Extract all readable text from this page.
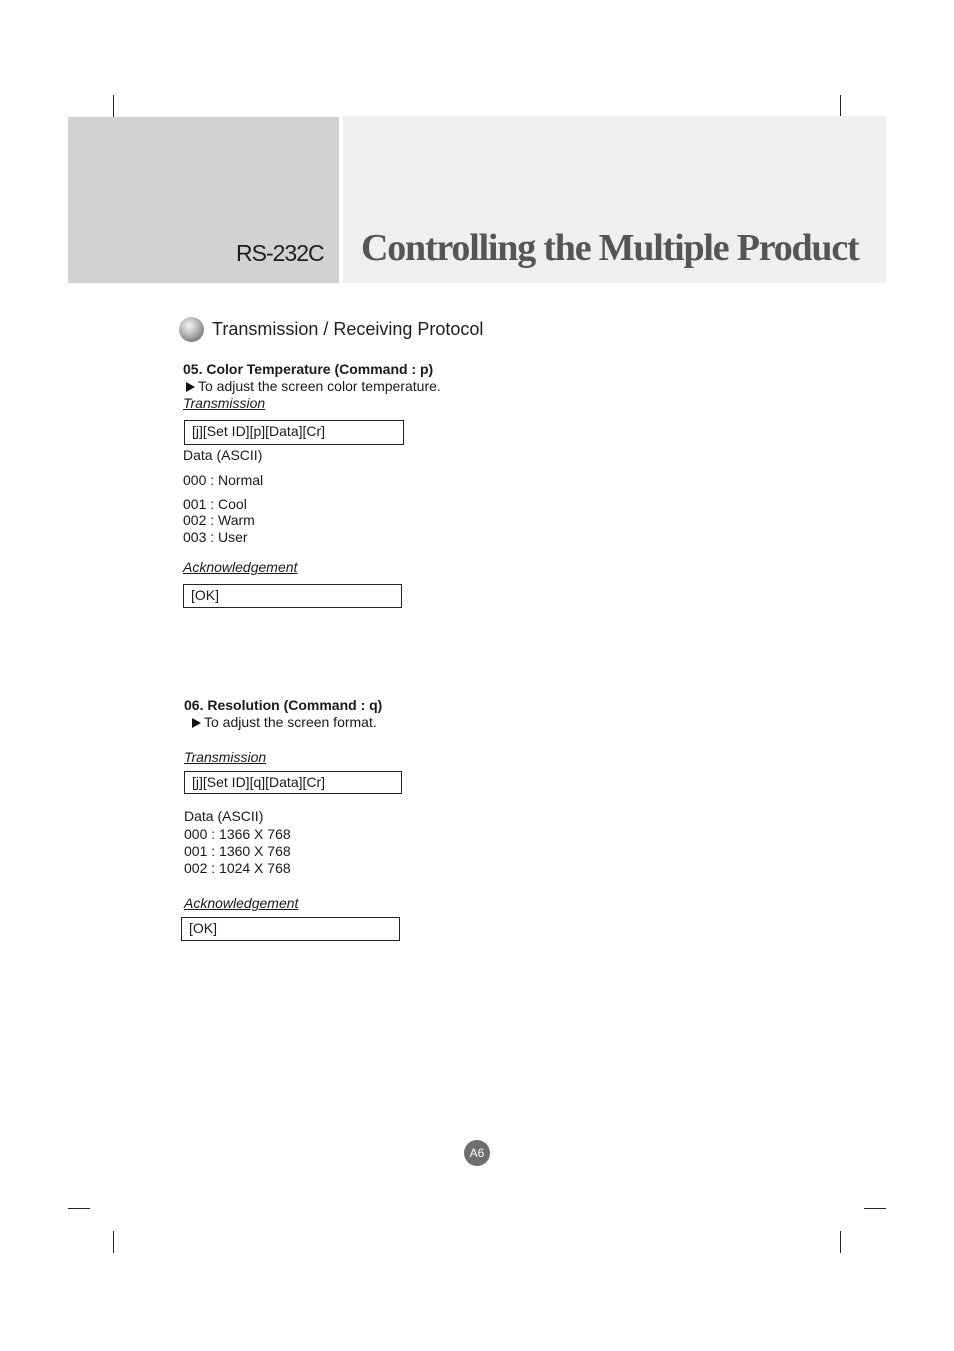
RS-232C Controlling the Multiple Product
Transmission / Receiving Protocol
05. Color Temperature (Command : p)
To adjust the screen color temperature.
Transmission
[j][Set ID][p][Data][Cr]
Data (ASCII)
000 : Normal
001 : Cool
002 : Warm
003 : User
Acknowledgement
[OK]
06. Resolution (Command : q)
To adjust the screen format.
Transmission
[j][Set ID][q][Data][Cr]
Data (ASCII)
000 : 1366 X 768
001 : 1360 X 768
002 : 1024 X 768
Acknowledgement
[OK]
A6
